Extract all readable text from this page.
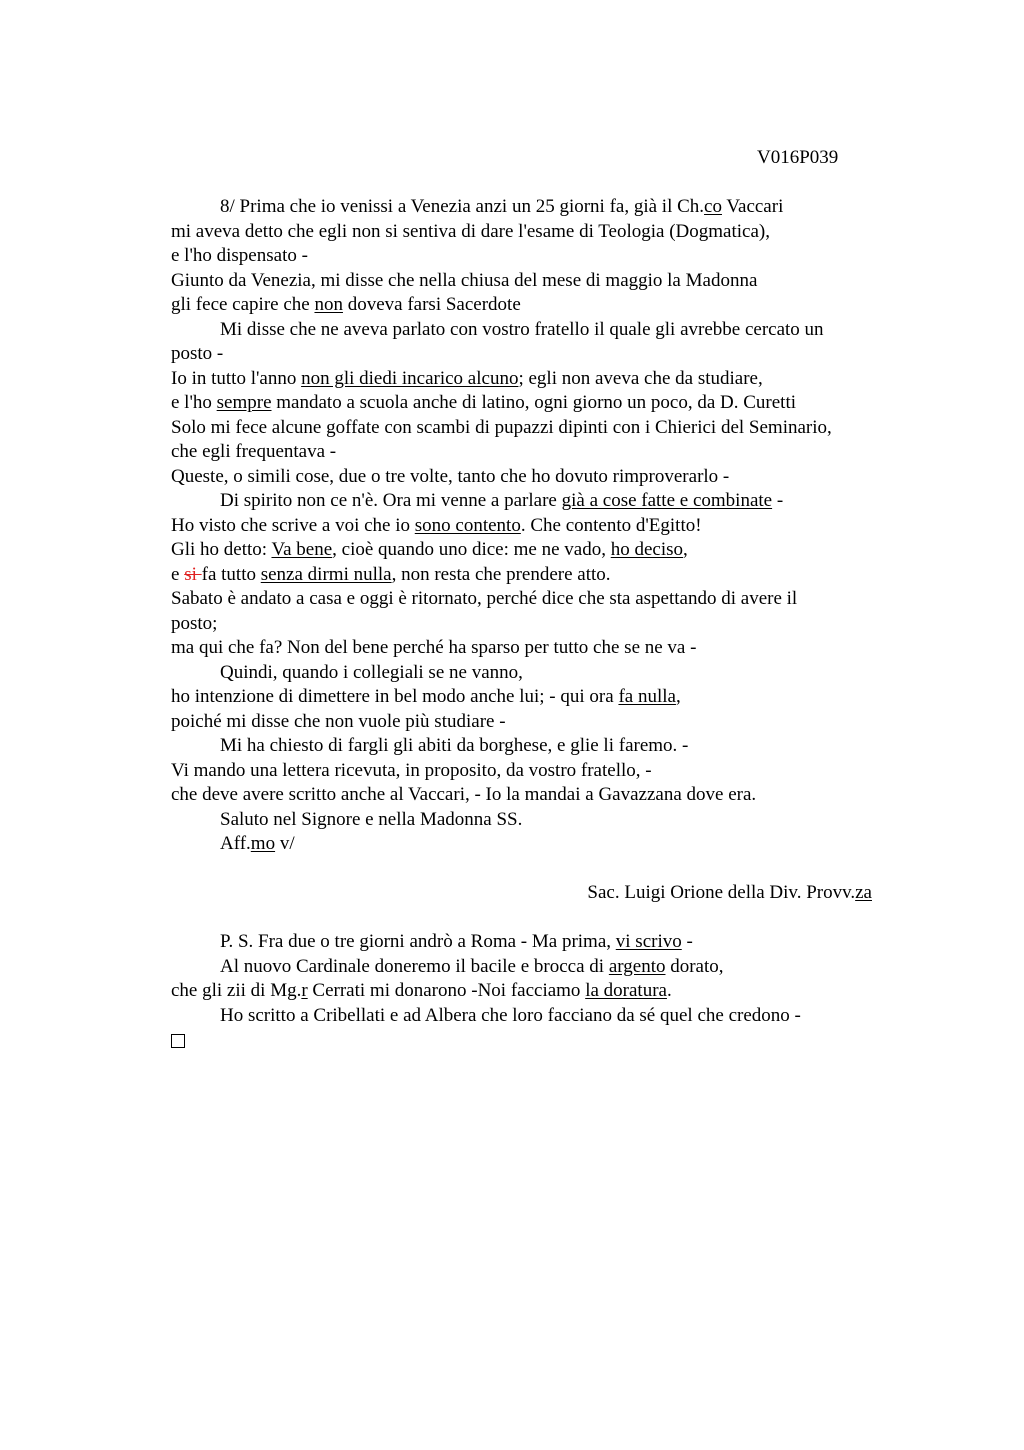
V016P039
8/ Prima che io venissi a Venezia anzi un 25 giorni fa, già il Ch.co Vaccari
mi aveva detto che egli non si sentiva di dare l'esame di Teologia (Dogmatica),
e l'ho dispensato -
Giunto da Venezia, mi disse che nella chiusa del mese di maggio la Madonna
gli fece capire che non doveva farsi Sacerdote
Mi disse che ne aveva parlato con vostro fratello il quale gli avrebbe cercato un
posto -
Io in tutto l'anno non gli diedi incarico alcuno; egli non aveva che da studiare,
e l'ho sempre mandato a scuola anche di latino, ogni giorno un poco, da D. Curetti
Solo mi fece alcune goffate con scambi di pupazzi dipinti con i Chierici del Seminario,
che egli frequentava -
Queste, o simili cose, due o tre volte, tanto che ho dovuto rimproverarlo -
Di spirito non ce n'è. Ora mi venne a parlare già a cose fatte e combinate -
Ho visto che scrive a voi che io sono contento. Che contento d'Egitto!
Gli ho detto: Va bene, cioè quando uno dice: me ne vado, ho deciso,
e si fa tutto senza dirmi nulla, non resta che prendere atto.
Sabato è andato a casa e oggi è ritornato, perché dice che sta aspettando di avere il
posto;
ma qui che fa? Non del bene perché ha sparso per tutto che se ne va -
Quindi, quando i collegiali se ne vanno,
ho intenzione di dimettere in bel modo anche lui; - qui ora fa nulla,
poiché mi disse che non vuole più studiare -
Mi ha chiesto di fargli gli abiti da borghese, e glie li faremo. -
Vi mando una lettera ricevuta, in proposito, da vostro fratello, -
che deve avere scritto anche al Vaccari, - Io la mandai a Gavazzana dove era.
Saluto nel Signore e nella Madonna SS.
Aff.mo v/
Sac. Luigi Orione della Div. Provv.za
P. S. Fra due o tre giorni andrò a Roma - Ma prima, vi scrivo -
Al nuovo Cardinale doneremo il bacile e brocca di argento dorato,
che gli zii di Mg.r Cerrati mi donarono -Noi facciamo la doratura.
Ho scritto a Cribellati e ad Albera che loro facciano da sé quel che credono -
